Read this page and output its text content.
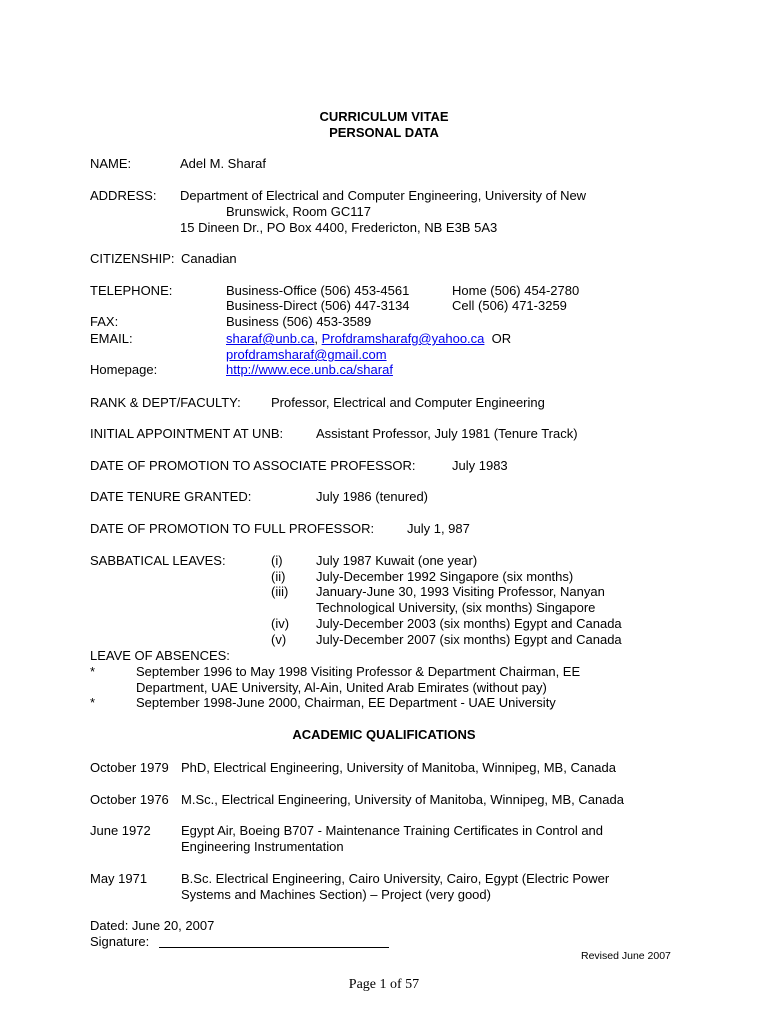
CURRICULUM VITAE
PERSONAL DATA
NAME:	Adel M. Sharaf
ADDRESS: Department of Electrical and Computer Engineering, University of New
Brunswick, Room GC117
15 Dineen Dr., PO Box 4400, Fredericton, NB E3B 5A3
CITIZENSHIP: Canadian
TELEPHONE:	Business-Office (506) 453-4561	Home (506) 454-2780
Business-Direct (506) 447-3134	Cell (506) 471-3259
FAX:	Business (506) 453-3589
EMAIL:	sharaf@unb.ca, Profdramsharafg@yahoo.ca OR
profdramsharaf@gmail.com
Homepage:	http://www.ece.unb.ca/sharaf
RANK & DEPT/FACULTY: Professor, Electrical and Computer Engineering
INITIAL APPOINTMENT AT UNB:	Assistant Professor, July 1981 (Tenure Track)
DATE OF PROMOTION TO ASSOCIATE PROFESSOR:	July 1983
DATE TENURE GRANTED:	July 1986 (tenured)
DATE OF PROMOTION TO FULL PROFESSOR:	July 1, 987
SABBATICAL LEAVES:	(i)	July 1987 Kuwait (one year)
(ii) July-December 1992 Singapore (six months)
(iii) January-June 30, 1993 Visiting Professor, Nanyan
Technological University, (six months) Singapore
(iv) July-December 2003 (six months) Egypt and Canada
(v) July-December 2007 (six months) Egypt and Canada
LEAVE OF ABSENCES:
*	September 1996 to May 1998 Visiting Professor & Department Chairman, EE
Department, UAE University, Al-Ain, United Arab Emirates (without pay)
*	September 1998-June 2000, Chairman, EE Department - UAE University
ACADEMIC QUALIFICATIONS
October 1979 PhD, Electrical Engineering, University of Manitoba, Winnipeg, MB, Canada
October 1976 M.Sc., Electrical Engineering, University of Manitoba, Winnipeg, MB, Canada
June 1972 Egypt Air, Boeing B707 - Maintenance Training Certificates in Control and
Engineering Instrumentation
May 1971	B.Sc. Electrical Engineering, Cairo University, Cairo, Egypt (Electric Power
Systems and Machines Section) – Project (very good)
Dated: June 20, 2007
Signature:
Revised June 2007
Page 1 of 57
